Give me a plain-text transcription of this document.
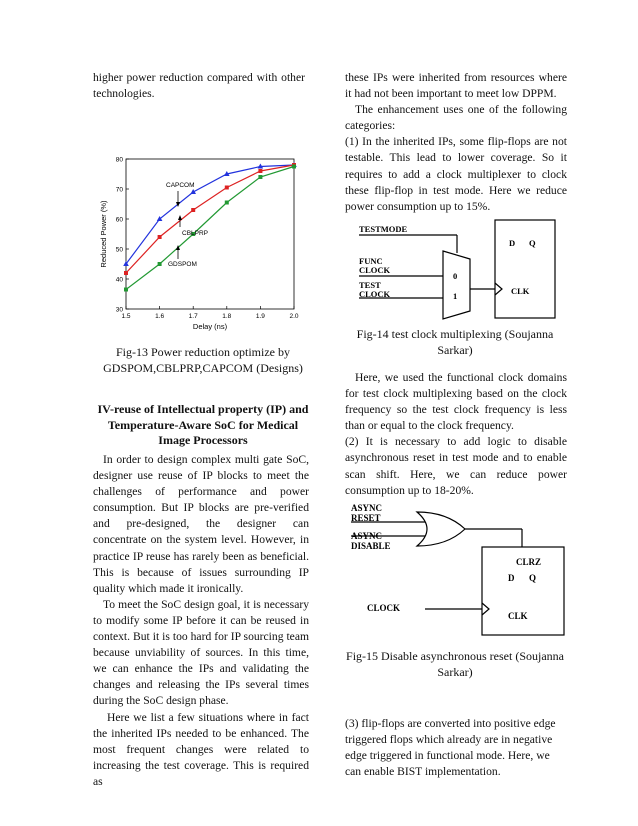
higher power reduction compared with other technologies.

30
40
50
60
70
80
1.5	1.6	1.7	1.8	1.9	2.0
Delay (ns)
Reduced Power (%)
CAPCOM
CBLPRP
GDSPOM
Fig-13 Power reduction optimize by GDSPOM,CBLPRP,CAPCOM (Designs)
IV-reuse of Intellectual property (IP) and Temperature-Aware SoC for Medical Image Processors

In order to design complex multi gate SoC, designer use reuse of IP blocks to meet the challenges of performance and power consumption. But IP blocks are pre-verified and pre-designed, the designer can concentrate on the system level. However, in practice IP reuse has rarely been as beneficial. This is because of issues surrounding IP quality which made it ironically.

To meet the SoC design goal, it is necessary to modify some IP before it can be reused in context. But it is too hard for IP sourcing team because unviability of sources. In this time, we can enhance the IPs and validating the changes and releasing the IPs several times during the SoC design phase.

Here we list a few situations where in fact the inherited IPs needed to be enhanced. The most frequent changes were related to increasing the test coverage. This is required as

these IPs were inherited from resources where it had not been important to meet low DPPM.

The enhancement uses one of the following categories:

(1) In the inherited IPs, some flip-flops are not testable. This lead to lower coverage. So it requires to add a clock multiplexer to clock these flip-flop in test mode. Here we reduce power consumption up to 15%.

TESTMODE
FUNC
CLOCK
TEST
CLOCK
0
1
D Q
CLK
Fig-14 test clock multiplexing (Soujanna Sarkar)

Here, we used the functional clock domains for test clock multiplexing based on the clock frequency so the test clock frequency is less than or equal to the clock frequency.

(2) It is necessary to add logic to disable asynchronous reset in test mode and to enable scan shift. Here, we can reduce power consumption up to 18-20%.

ASYNC
RESET
ASYNC
DISABLE
CLRZ
D Q
CLOCK
CLK
Fig-15 Disable asynchronous reset (Soujanna Sarkar)

(3) flip-flops are converted into positive edge triggered flops which already are in negative edge triggered in functional mode. Here, we can enable BIST implementation.
